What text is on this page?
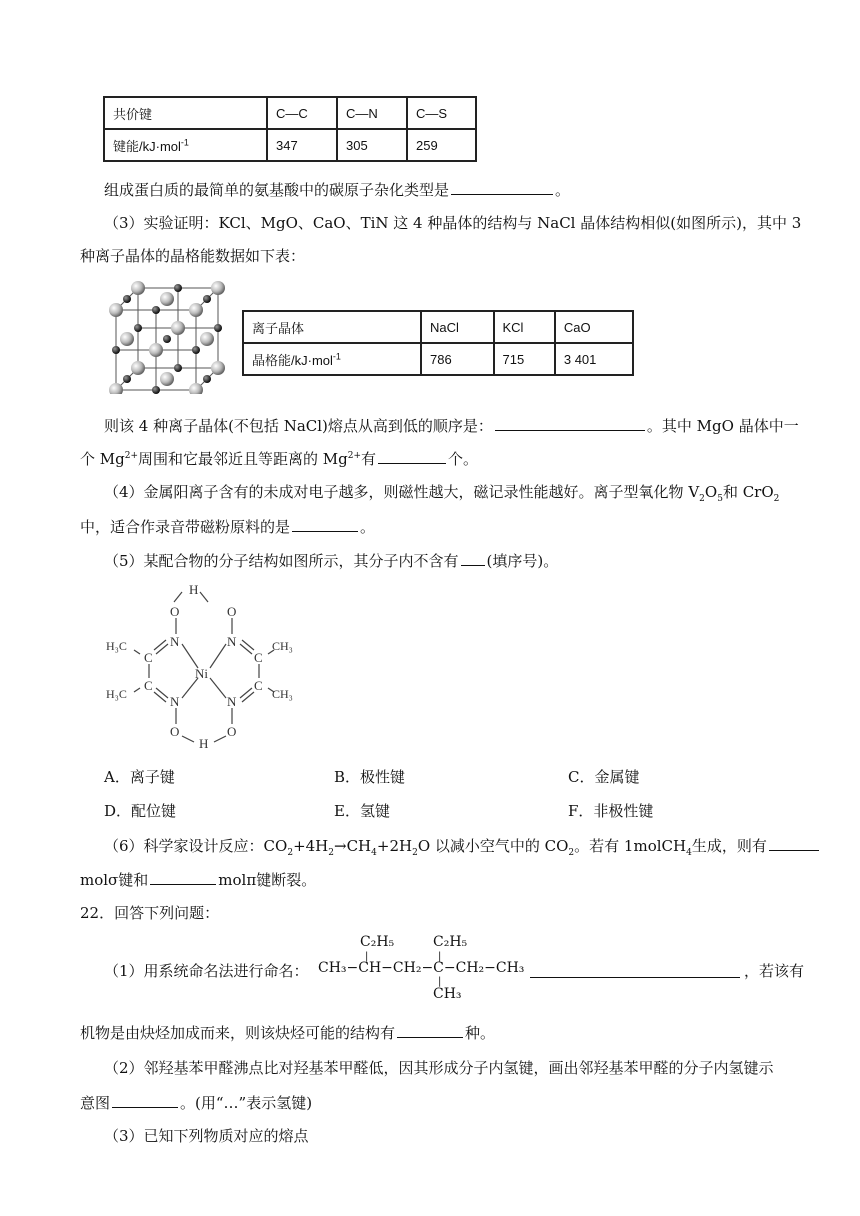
共价键	C—C	C—N	C—S
键能/kJ·mol$^{-1}$	347	305	259
组成蛋白质的最简单的氨基酸中的碳原子杂化类型是	。
（3）实验证明：KCl、MgO、CaO、TiN 这 4 种晶体的结构与 NaCl 晶体结构相似(如图所示)，其中 3
种离子晶体的晶格能数据如下表：
离子晶体	NaCl	KCl	CaO
晶格能/kJ·mol$^{-1}$	786	715	3 401
则该 4 种离子晶体(不包括 NaCl)熔点从高到低的顺序是：	。其中 MgO 晶体中一
个 $Mg^{2+}$周围和它最邻近且等距离的 $Mg^{2+}$有	个。
（4）金属阳离子含有的未成对电子越多，则磁性越大，磁记录性能越好。离子型氧化物 $V_2O_5$和 CrO$_2$
中，适合作录音带磁粉原料的是	。
（5）某配合物的分子结构如图所示，其分子内不含有 (填序号)。
H
O	O
N	N
Ni
C	C
C	C
H₃C
H₃C
CH₃
CH₃
N	N
O	O
H
A．离子键	B．极性键	C．金属键
D．配位键	E．氢键	F．非极性键
（6）科学家设计反应：$CO_2+4H_2\to CH_4+2H_2O$ 以减小空气中的 $CO_2$。若有 1molCH$_4$生成，则有
molσ键和	molπ键断裂。
22．回答下列问题：
（1）用系统命名法进行命名：
C₂H₅	C₂H₅
|	|
CH₃−CH−CH₂−C−CH₂−CH₃
|
CH₃
，若该有
机物是由炔烃加成而来，则该炔烃可能的结构有	种。
（2）邻羟基苯甲醛沸点比对羟基苯甲醛低，因其形成分子内氢键，画出邻羟基苯甲醛的分子内氢键示
意图	。(用“…”表示氢键)
（3）已知下列物质对应的熔点
